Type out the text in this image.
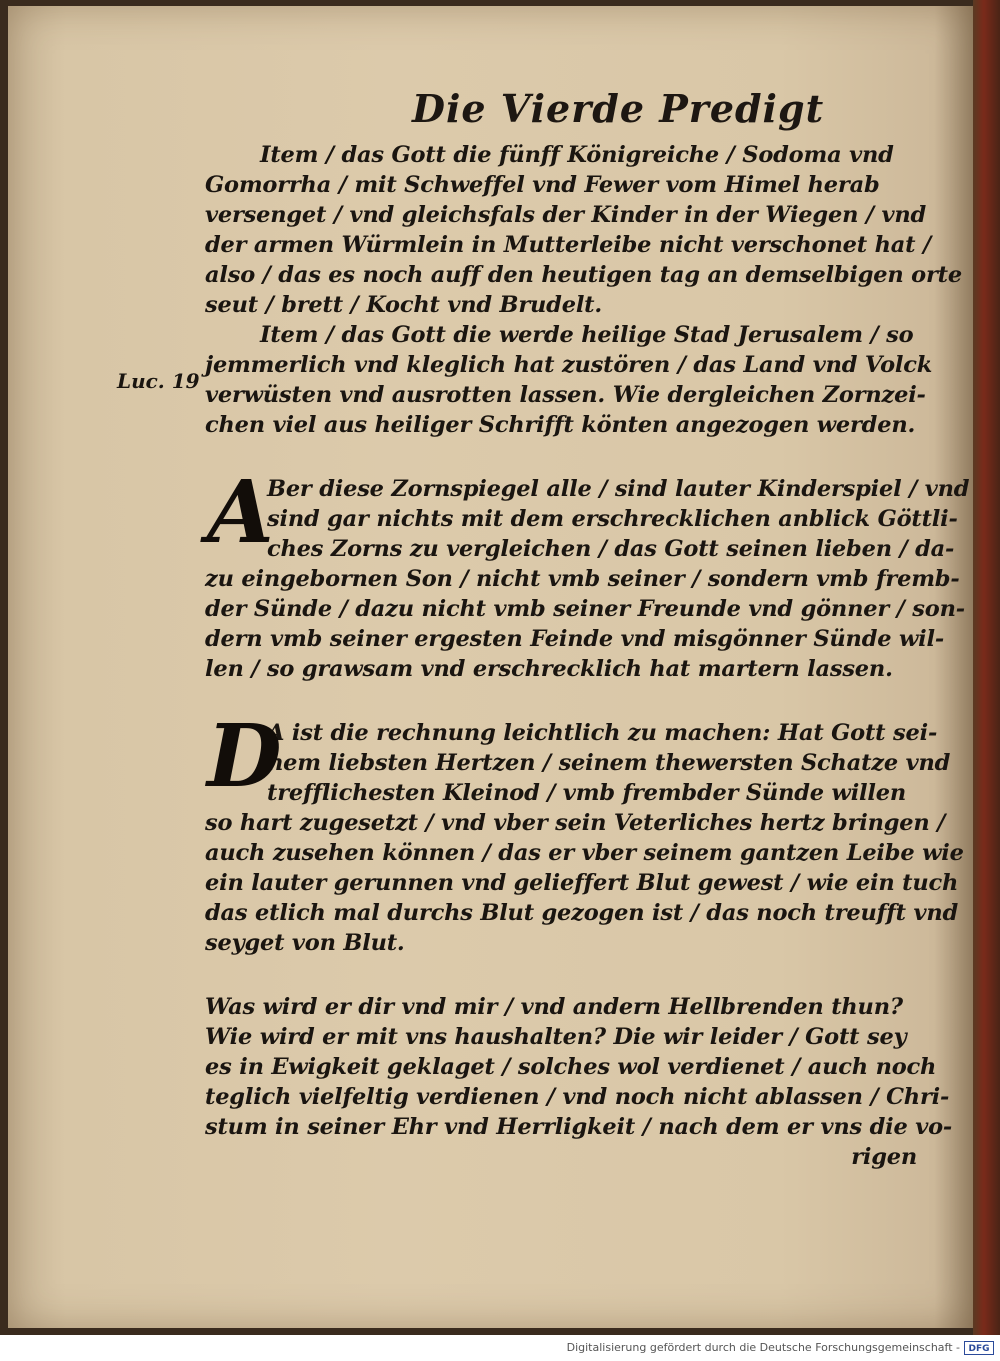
Die Vierde Predigt
Luc. 19
Item / das Gott die fünff Königreiche / Sodoma vnd
Gomorrha / mit Schweffel vnd Fewer vom Himel herab
versenget / vnd gleichsfals der Kinder in der Wiegen / vnd
der armen Würmlein in Mutterleibe nicht verschonet hat /
also / das es noch auff den heutigen tag an demselbigen orte
seut / brett / Kocht vnd Brudelt.
Item / das Gott die werde heilige Stad Jerusalem / so
jemmerlich vnd kleglich hat zustören / das Land vnd Volck
verwüsten vnd ausrotten lassen. Wie dergleichen Zornzei-
chen viel aus heiliger Schrifft könten angezogen werden.
A
Ber diese Zornspiegel alle / sind lauter Kinderspiel / vnd
sind gar nichts mit dem erschrecklichen anblick Göttli-
ches Zorns zu vergleichen / das Gott seinen lieben / da-
zu eingebornen Son / nicht vmb seiner / sondern vmb fremb-
der Sünde / dazu nicht vmb seiner Freunde vnd gönner / son-
dern vmb seiner ergesten Feinde vnd misgönner Sünde wil-
len / so grawsam vnd erschrecklich hat martern lassen.
D
A ist die rechnung leichtlich zu machen: Hat Gott sei-
nem liebsten Hertzen / seinem thewersten Schatze vnd
trefflichesten Kleinod / vmb frembder Sünde willen
so hart zugesetzt / vnd vber sein Veterliches hertz bringen /
auch zusehen können / das er vber seinem gantzen Leibe wie
ein lauter gerunnen vnd gelieffert Blut gewest / wie ein tuch
das etlich mal durchs Blut gezogen ist / das noch treufft vnd
seyget von Blut.
Was wird er dir vnd mir / vnd andern Hellbrenden thun?
Wie wird er mit vns haushalten? Die wir leider / Gott sey
es in Ewigkeit geklaget / solches wol verdienet / auch noch
teglich vielfeltig verdienen / vnd noch nicht ablassen / Chri-
stum in seiner Ehr vnd Herrligkeit / nach dem er vns die vo-
rigen
Digitalisierung gefördert durch die Deutsche Forschungsgemeinschaft - DFG
